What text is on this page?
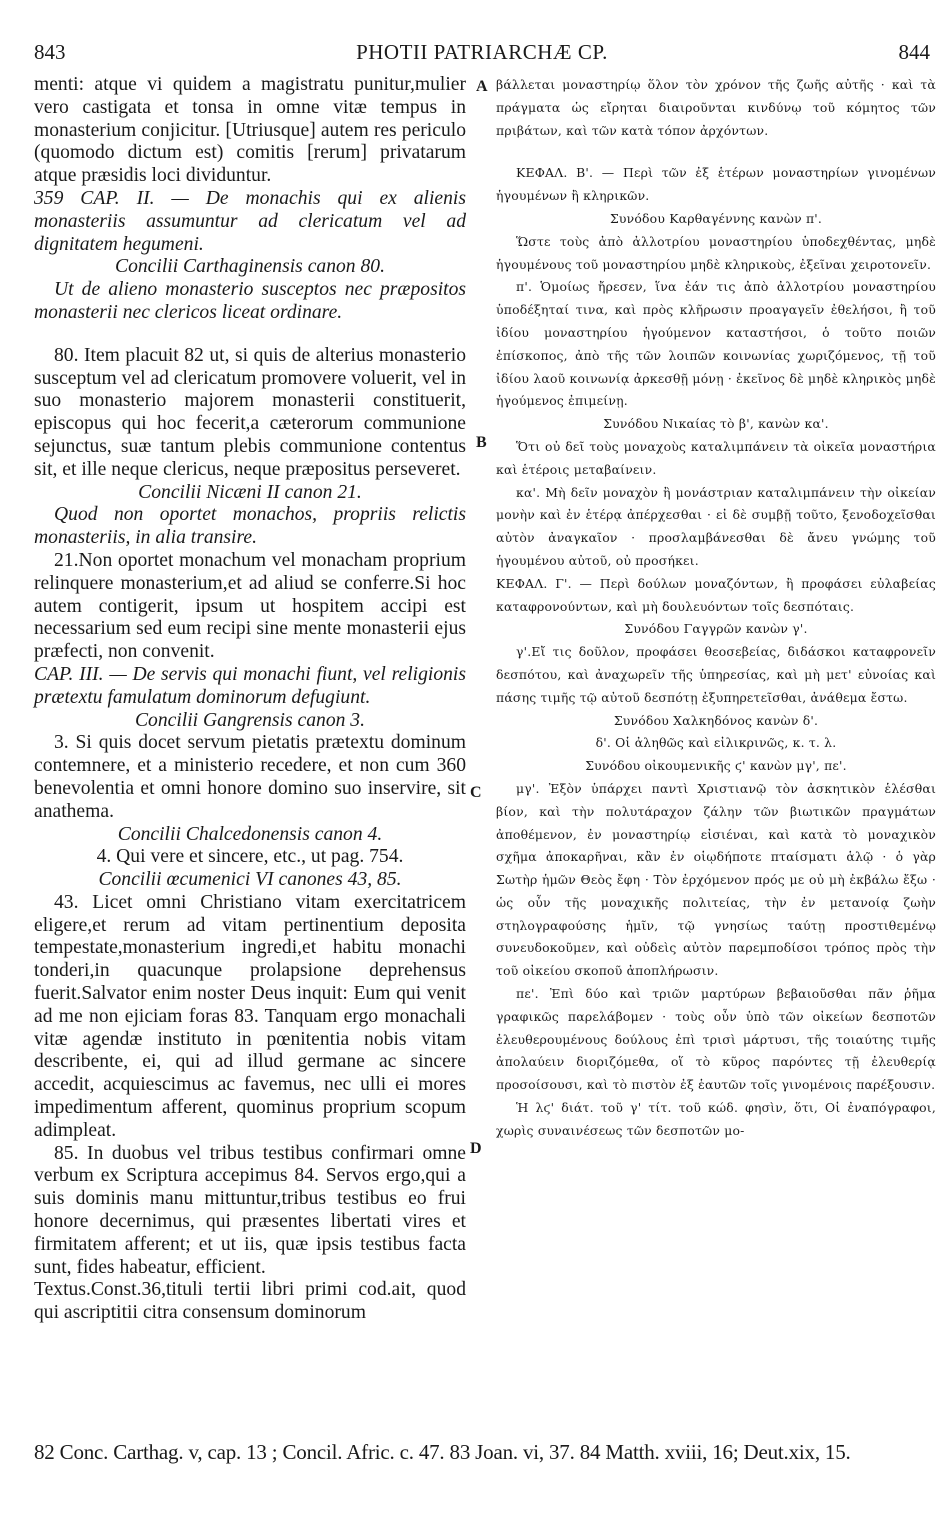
843	PHOTII PATRIARCHÆ CP.	844
A
B
C
D

menti: atque vi quidem a magistratu punitur,mulier vero castigata et tonsa in omne vitæ tempus in monasterium conjicitur. [Utriusque] autem res periculo (quomodo dictum est) comitis [rerum] privatarum atque præsidis loci dividuntur.

359 CAP. II. — De monachis qui ex alienis monasteriis assumuntur ad clericatum vel ad dignitatem hegumeni.

Concilii Carthaginensis canon 80.

Ut de alieno monasterio susceptos nec præpositos monasterii nec clericos liceat ordinare.

80. Item placuit 82 ut, si quis de alterius monasterio susceptum vel ad clericatum promovere voluerit, vel in suo monasterio majorem monasterii constituerit, episcopus qui hoc fecerit,a cæterorum communione sejunctus, suæ tantum plebis communione contentus sit, et ille neque clericus, neque præpositus perseveret.

Concilii Nicæni II canon 21.

Quod non oportet monachos, propriis relictis monasteriis, in alia transire.

21.Non oportet monachum vel monacham proprium relinquere monasterium,et ad aliud se conferre.Si hoc autem contigerit, ipsum ut hospitem accipi est necessarium sed eum recipi sine mente monasterii ejus præfecti, non convenit.

CAP. III. — De servis qui monachi fiunt, vel religionis prætextu famulatum dominorum defugiunt.

Concilii Gangrensis canon 3.

3. Si quis docet servum pietatis prætextu dominum contemnere, et a ministerio recedere, et non cum 360 benevolentia et omni honore domino suo inservire, sit anathema.

Concilii Chalcedonensis canon 4.

4. Qui vere et sincere, etc., ut pag. 754.

Concilii œcumenici VI canones 43, 85.

43. Licet omni Christiano vitam exercitatricem eligere,et rerum ad vitam pertinentium deposita tempestate,monasterium ingredi,et habitu monachi tonderi,in quacunque prolapsione deprehensus fuerit.Salvator enim noster Deus inquit: Eum qui venit ad me non ejiciam foras 83. Tanquam ergo monachali vitæ agendæ instituto in pœnitentia nobis vitam describente, ei, qui ad illud germane ac sincere accedit, acquiescimus ac favemus, nec ulli ei mores impedimentum afferent, quominus proprium scopum adimpleat.

85. In duobus vel tribus testibus confirmari omne verbum ex Scriptura accepimus 84. Servos ergo,qui a suis dominis manu mittuntur,tribus testibus eo frui honore decernimus, qui præsentes libertati vires et firmitatem afferent; et ut iis, quæ ipsis testibus facta sunt, fides habeatur, efficient.

Textus.Const.36,tituli tertii libri primi cod.ait, quod qui ascriptitii citra consensum dominorum

βάλλεται μοναστηρίῳ ὅλον τὸν χρόνον τῆς ζωῆς αὐτῆς · καὶ τὰ πράγματα ὡς εἴρηται διαιροῦνται κινδύνῳ τοῦ κόμητος τῶν πριβάτων, καὶ τῶν κατὰ τόπον ἀρχόντων.

ΚΕΦΑΛ. Β'. — Περὶ τῶν ἐξ ἑτέρων μοναστηρίων γινομένων ἡγουμένων ἢ κληρικῶν.

Συνόδου Καρθαγέννης κανὼν π'.

Ὥστε τοὺς ἀπὸ ἀλλοτρίου μοναστηρίου ὑποδεχθέντας, μηδὲ ἡγουμένους τοῦ μοναστηρίου μηδὲ κληρικοὺς, ἐξεῖναι χειροτονεῖν.

π'. Ὁμοίως ἤρεσεν, ἵνα ἐάν τις ἀπὸ ἀλλοτρίου μοναστηρίου ὑποδέξηταί τινα, καὶ πρὸς κλῆρωσιν προαγαγεῖν ἐθελήσοι, ἢ τοῦ ἰδίου μοναστηρίου ἡγούμενον καταστήσοι, ὁ τοῦτο ποιῶν ἐπίσκοπος, ἀπὸ τῆς τῶν λοιπῶν κοινωνίας χωριζόμενος, τῇ τοῦ ἰδίου λαοῦ κοινωνίᾳ ἀρκεσθῇ μόνῃ · ἐκεῖνος δὲ μηδὲ κληρικὸς μηδὲ ἡγούμενος ἐπιμείνῃ.

Συνόδου Νικαίας τὸ β', κανὼν κα'.

Ὅτι οὐ δεῖ τοὺς μοναχοὺς καταλιμπάνειν τὰ οἰκεῖα μοναστήρια καὶ ἑτέροις μεταβαίνειν.

κα'. Μὴ δεῖν μοναχὸν ἢ μονάστριαν καταλιμπάνειν τὴν οἰκείαν μονὴν καὶ ἐν ἑτέρᾳ ἀπέρχεσθαι · εἰ δὲ συμβῇ τοῦτο, ξενοδοχεῖσθαι αὐτὸν ἀναγκαῖον · προσλαμβάνεσθαι δὲ ἄνευ γνώμης τοῦ ἡγουμένου αὐτοῦ, οὐ προσήκει.

ΚΕΦΑΛ. Γ'. — Περὶ δούλων μοναζόντων, ἢ προφάσει εὐλαβείας καταφρονούντων, καὶ μὴ δουλευόντων τοῖς δεσπόταις.

Συνόδου Γαγγρῶν κανὼν γ'.

γ'.Εἴ τις δοῦλον, προφάσει θεοσεβείας, διδάσκοι καταφρονεῖν δεσπότου, καὶ ἀναχωρεῖν τῆς ὑπηρεσίας, καὶ μὴ μετ' εὐνοίας καὶ πάσης τιμῆς τῷ αὐτοῦ δεσπότῃ ἐξυπηρετεῖσθαι, ἀνάθεμα ἔστω.

Συνόδου Χαλκηδόνος κανὼν δ'.

δ'. Οἱ ἀληθῶς καὶ εἰλικρινῶς, κ. τ. λ.

Συνόδου οἰκουμενικῆς ϛ' κανὼν μγ', πε'.

μγ'. Ἐξὸν ὑπάρχει παντὶ Χριστιανῷ τὸν ἀσκητικὸν ἑλέσθαι βίον, καὶ τὴν πολυτάραχον ζάλην τῶν βιωτικῶν πραγμάτων ἀποθέμενον, ἐν μοναστηρίῳ εἰσιέναι, καὶ κατὰ τὸ μοναχικὸν σχῆμα ἀποκαρῆναι, κἂν ἐν οἱῳδήποτε πταίσματι ἁλῷ · ὁ γὰρ Σωτὴρ ἡμῶν Θεὸς ἔφη · Τὸν ἐρχόμενον πρός με οὐ μὴ ἐκβάλω ἔξω · ὡς οὖν τῆς μοναχικῆς πολιτείας, τὴν ἐν μετανοίᾳ ζωὴν στηλογραφούσης ἡμῖν, τῷ γνησίως ταύτῃ προστιθεμένῳ συνευδοκοῦμεν, καὶ οὐδεὶς αὐτὸν παρεμποδίσοι τρόπος πρὸς τὴν τοῦ οἰκείου σκοποῦ ἀποπλήρωσιν.

πε'. Ἐπὶ δύο καὶ τριῶν μαρτύρων βεβαιοῦσθαι πᾶν ῥῆμα γραφικῶς παρελάβομεν · τοὺς οὖν ὑπὸ τῶν οἰκείων δεσποτῶν ἐλευθερουμένους δούλους ἐπὶ τρισὶ μάρτυσι, τῆς τοιαύτης τιμῆς ἀπολαύειν διοριζόμεθα, οἵ τὸ κῦρος παρόντες τῇ ἐλευθερίᾳ προσοίσουσι, καὶ τὸ πιστὸν ἐξ ἑαυτῶν τοῖς γινομένοις παρέξουσιν.

Ἡ λϛ' διάτ. τοῦ γ' τίτ. τοῦ κώδ. φησὶν, ὅτι, Οἱ ἐναπόγραφοι, χωρὶς συναινέσεως τῶν δεσποτῶν μο-

82 Conc. Carthag. v, cap. 13 ; Concil. Afric. c. 47. 83 Joan. vi, 37. 84 Matth. xviii, 16; Deut.xix, 15.
